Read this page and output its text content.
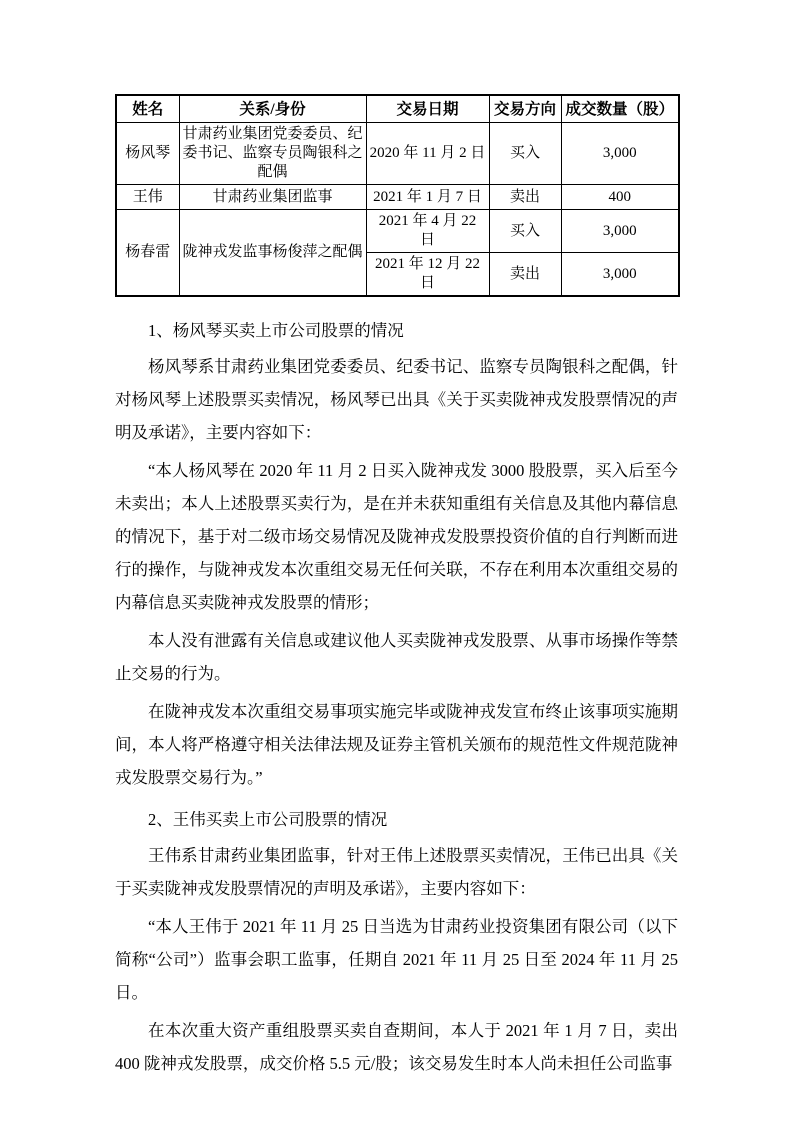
姓名	关系/身份	交易日期	交易方向	成交数量（股）
杨风琴	甘肃药业集团党委委员、纪委书记、监察专员陶银科之配偶	2020 年 11 月 2 日	买入	3,000
王伟	甘肃药业集团监事	2021 年 1 月 7 日	卖出	400
杨春雷	陇神戎发监事杨俊萍之配偶	2021 年 4 月 22 日	买入	3,000
		2021 年 12 月 22 日	卖出	3,000
1、杨风琴买卖上市公司股票的情况

杨风琴系甘肃药业集团党委委员、纪委书记、监察专员陶银科之配偶，针对杨风琴上述股票买卖情况，杨风琴已出具《关于买卖陇神戎发股票情况的声明及承诺》，主要内容如下：

“本人杨风琴在 2020 年 11 月 2 日买入陇神戎发 3000 股股票，买入后至今未卖出；本人上述股票买卖行为，是在并未获知重组有关信息及其他内幕信息的情况下，基于对二级市场交易情况及陇神戎发股票投资价值的自行判断而进行的操作，与陇神戎发本次重组交易无任何关联，不存在利用本次重组交易的内幕信息买卖陇神戎发股票的情形；

本人没有泄露有关信息或建议他人买卖陇神戎发股票、从事市场操作等禁止交易的行为。

在陇神戎发本次重组交易事项实施完毕或陇神戎发宣布终止该事项实施期间，本人将严格遵守相关法律法规及证券主管机关颁布的规范性文件规范陇神戎发股票交易行为。”

2、王伟买卖上市公司股票的情况

王伟系甘肃药业集团监事，针对王伟上述股票买卖情况，王伟已出具《关于买卖陇神戎发股票情况的声明及承诺》，主要内容如下：

“本人王伟于 2021 年 11 月 25 日当选为甘肃药业投资集团有限公司（以下简称“公司”）监事会职工监事，任期自 2021 年 11 月 25 日至 2024 年 11 月 25 日。

在本次重大资产重组股票买卖自查期间，本人于 2021 年 1 月 7 日，卖出 400 陇神戎发股票，成交价格 5.5 元/股；该交易发生时本人尚未担任公司监事
